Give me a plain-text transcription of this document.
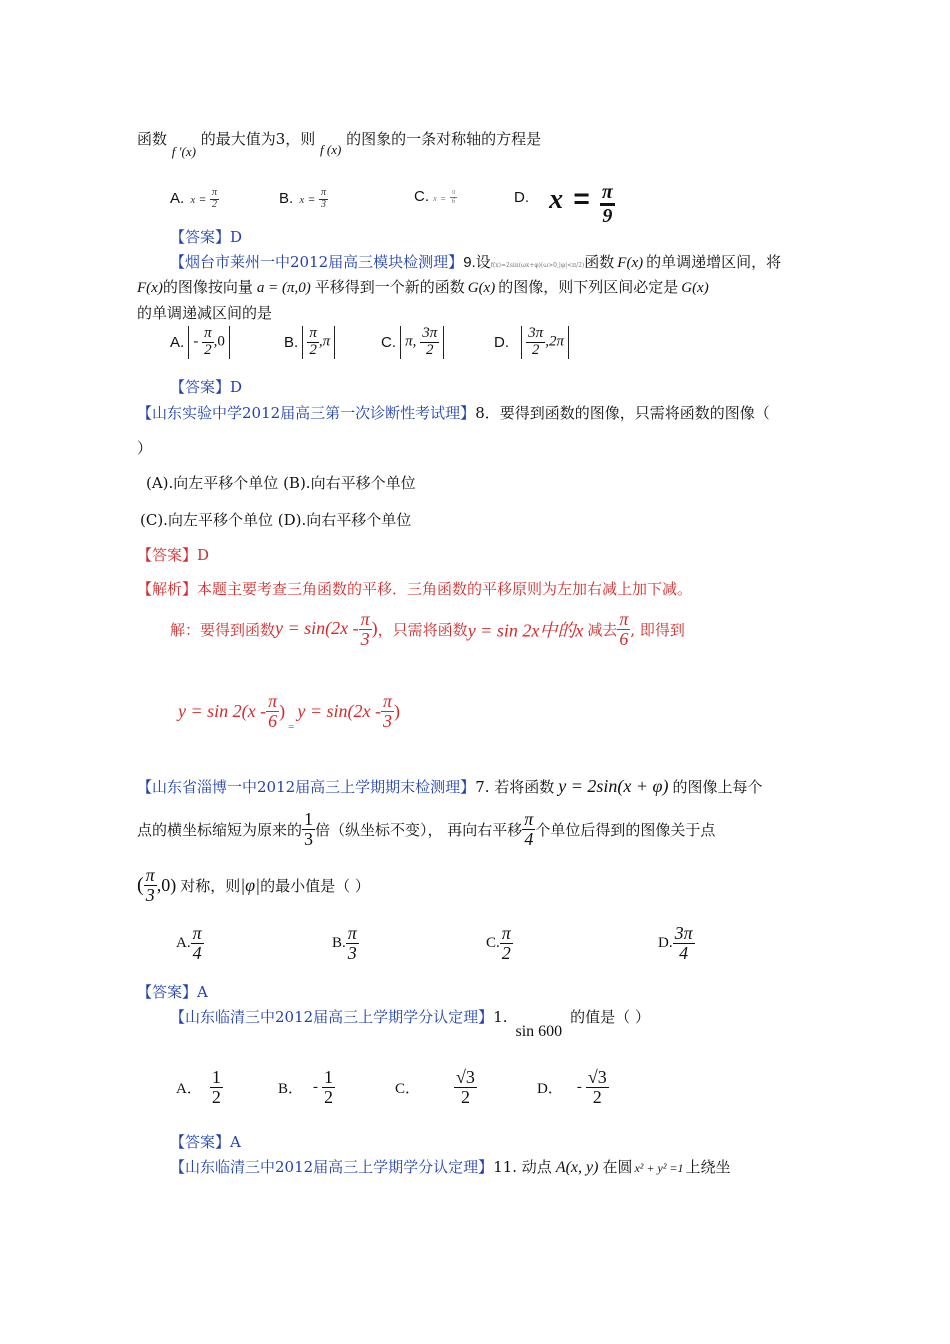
函数 f ′(x) 的最大值为3，则 f (x) 的图象的一条对称轴的方程是
A. $x = \frac{\pi}{2}$	B. $x = \frac{\pi}{3}$	C. $x = \frac{\pi}{6}$	D. $x = \frac{\pi}{9}$
【答案】D
【烟台市莱州一中2012届高三模块检测理】9.设f(x)=2sin(ωx+φ)(ω>0,|φ|<π/2)函数 F(x) 的单调递增区间，将
F(x)的图像按向量 a = (π,0) 平移得到一个新的函数 G(x) 的图像，则下列区间必定是 G(x)
的单调递减区间的是
A. - $\frac{\pi}{2} ,0$	B. $\frac{\pi}{2} ,\pi$	C. π, $\frac{3\pi}{2}$	D. $\frac{3\pi}{2} ,2\pi$
【答案】D
【山东实验中学2012届高三第一次诊断性考试理】8．要得到函数的图像，只需将函数的图像（
）
(A).向左平移个单位 (B).向右平移个单位
(C).向左平移个单位 (D).向右平移个单位
【答案】D
【解析】本题主要考查三角函数的平移．三角函数的平移原则为左加右减上加下减。
解：要得到函数$y = \sin(2x - \frac{\pi}{3}$ )，只需将函数y = sin 2x中的x 减去 $\frac{\pi}{6}$ , 即得到
$y = \sin 2(x - \frac{\pi}{6} )_=y = \sin(2x - \frac{\pi}{3}$ )
【山东省淄博一中2012届高三上学期期末检测理】7. 若将函数 y = 2sin(x + φ) 的图像上每个
点的横坐标缩短为原来的 $\frac{1}{3}$ 倍（纵坐标不变）， 再向右平移 $\frac{\pi}{4}$ 个单位后得到的图像关于点
( $\frac{\pi}{3} ,0$) 对称，则|φ|的最小值是（ ）
A. $\frac{\pi}{4}$	B. $\frac{\pi}{3}$	C. $\frac{\pi}{2}$	D. $\frac{3\pi}{4}$
【答案】A
【山东临清三中2012届高三上学期学分认定理】1.sin 600的值是（ ）
A． $\frac{1}{2}$	B． - $\frac{1}{2}$	C． $\frac{√3}{2}$	D． - $\frac{√3}{2}$
【答案】A
【山东临清三中2012届高三上学期学分认定理】11. 动点 A(x, y) 在圆 x² + y² =1 上绕坐
